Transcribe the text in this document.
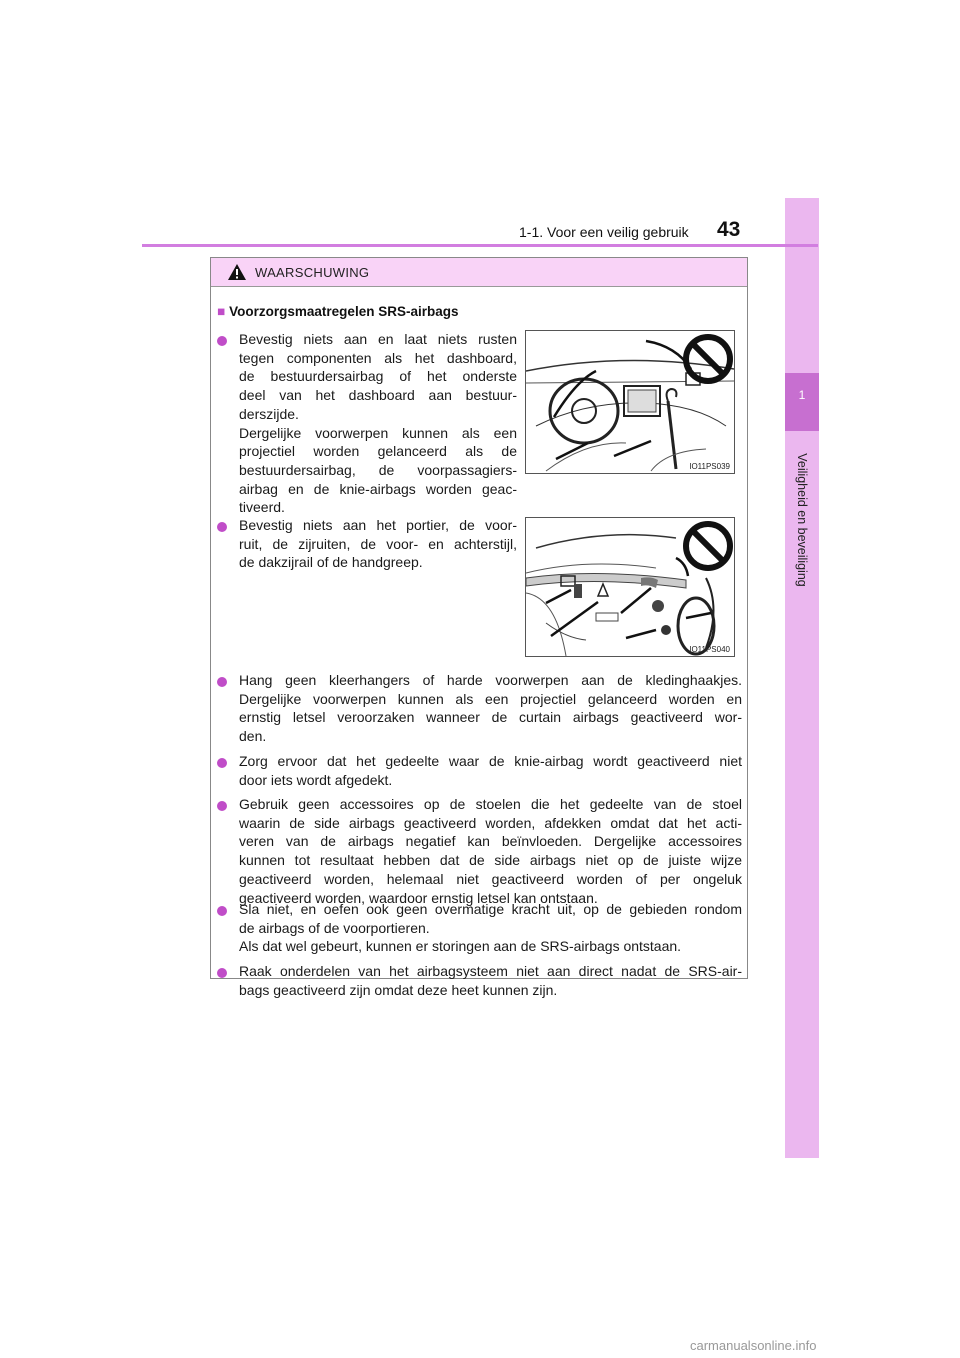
1
Veiligheid en beveiliging
1-1. Voor een veilig gebruik 43
WAARSCHUWING
■ Voorzorgsmaatregelen SRS-airbags
Bevestig niets aan en laat niets rusten
tegen componenten als het dashboard,
de bestuurdersairbag of het onderste
deel van het dashboard aan bestuur-
derszijde.
Dergelijke voorwerpen kunnen als een
projectiel worden gelanceerd als de
bestuurdersairbag, de voorpassagiers-
airbag en de knie-airbags worden geac-
tiveerd.
IO11PS039
Bevestig niets aan het portier, de voor-
ruit, de zijruiten, de voor- en achterstijl,
de dakzijrail of de handgreep.
IO11PS040
Hang geen kleerhangers of harde voorwerpen aan de kledinghaakjes.
Dergelijke voorwerpen kunnen als een projectiel gelanceerd worden en
ernstig letsel veroorzaken wanneer de curtain airbags geactiveerd wor-
den.
Zorg ervoor dat het gedeelte waar de knie-airbag wordt geactiveerd niet
door iets wordt afgedekt.
Gebruik geen accessoires op de stoelen die het gedeelte van de stoel
waarin de side airbags geactiveerd worden, afdekken omdat dat het acti-
veren van de airbags negatief kan beïnvloeden. Dergelijke accessoires
kunnen tot resultaat hebben dat de side airbags niet op de juiste wijze
geactiveerd worden, helemaal niet geactiveerd worden of per ongeluk
geactiveerd worden, waardoor ernstig letsel kan ontstaan.
Sla niet, en oefen ook geen overmatige kracht uit, op de gebieden rondom
de airbags of de voorportieren.
Als dat wel gebeurt, kunnen er storingen aan de SRS-airbags ontstaan.
Raak onderdelen van het airbagsysteem niet aan direct nadat de SRS-air-
bags geactiveerd zijn omdat deze heet kunnen zijn.
carmanualsonline.info
